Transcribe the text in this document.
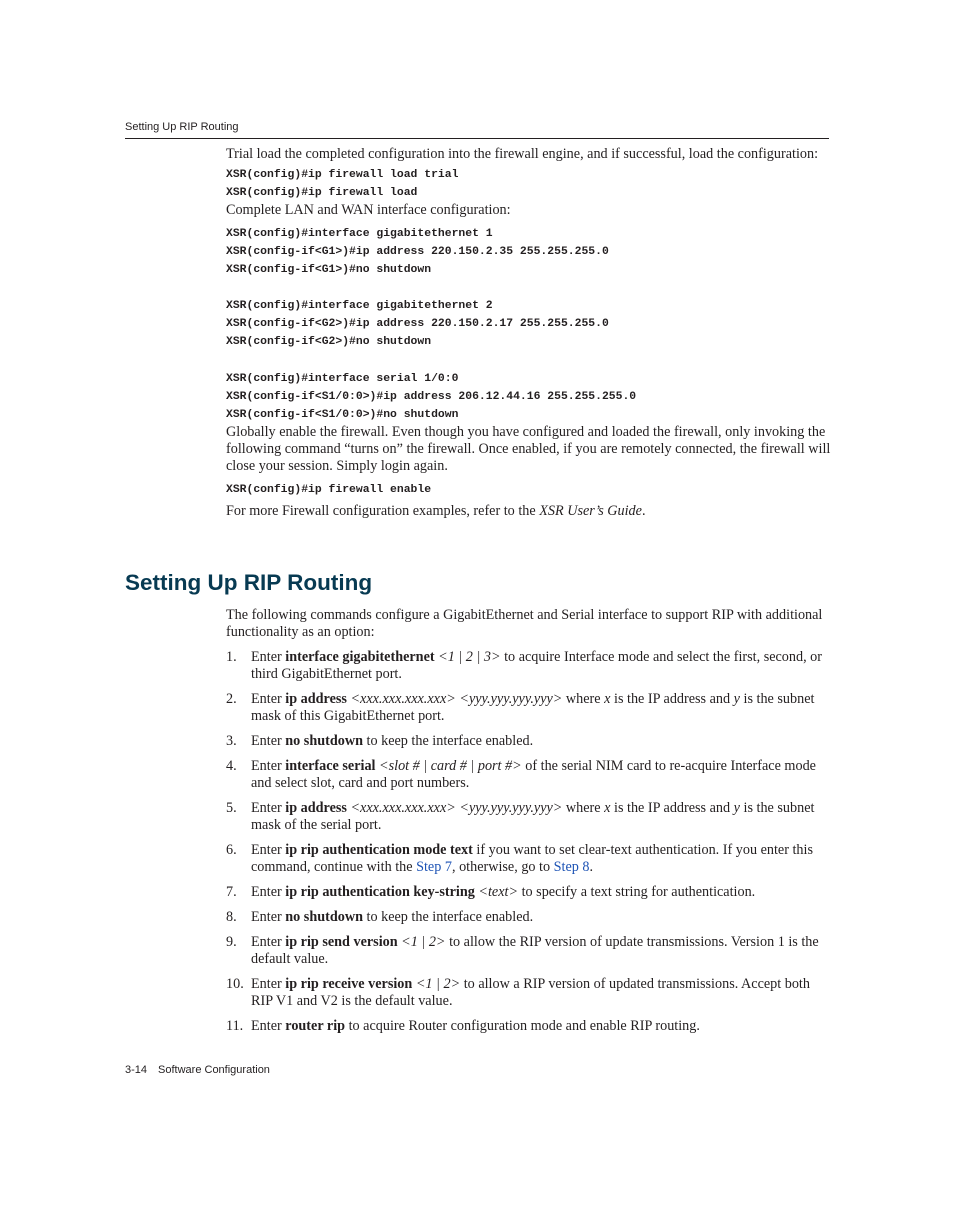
Setting Up RIP Routing

Trial load the completed configuration into the firewall engine, and if successful, load the configuration:

XSR(config)#ip firewall load trial

XSR(config)#ip firewall load

Complete LAN and WAN interface configuration:

XSR(config)#interface gigabitethernet 1

XSR(config-if<G1>)#ip address 220.150.2.35 255.255.255.0

XSR(config-if<G1>)#no shutdown

XSR(config)#interface gigabitethernet 2

XSR(config-if<G2>)#ip address 220.150.2.17 255.255.255.0

XSR(config-if<G2>)#no shutdown

XSR(config)#interface serial 1/0:0

XSR(config-if<S1/0:0>)#ip address 206.12.44.16 255.255.255.0

XSR(config-if<S1/0:0>)#no shutdown

Globally enable the firewall. Even though you have configured and loaded the firewall, only invoking the following command “turns on” the firewall. Once enabled, if you are remotely connected, the firewall will close your session. Simply login again.

XSR(config)#ip firewall enable

For more Firewall configuration examples, refer to the XSR User’s Guide.

Setting Up RIP Routing

The following commands configure a GigabitEthernet and Serial interface to support RIP with additional functionality as an option:

1. Enter interface gigabitethernet <1 | 2 | 3> to acquire Interface mode and select the first, second, or third GigabitEthernet port.
2. Enter ip address <xxx.xxx.xxx.xxx> <yyy.yyy.yyy.yyy> where x is the IP address and y is the subnet mask of this GigabitEthernet port.
3. Enter no shutdown to keep the interface enabled.
4. Enter interface serial <slot # | card # | port #> of the serial NIM card to re-acquire Interface mode and select slot, card and port numbers.
5. Enter ip address <xxx.xxx.xxx.xxx> <yyy.yyy.yyy.yyy> where x is the IP address and y is the subnet mask of the serial port.
6. Enter ip rip authentication mode text if you want to set clear-text authentication. If you enter this command, continue with the Step 7, otherwise, go to Step 8.
7. Enter ip rip authentication key-string <text> to specify a text string for authentication.
8. Enter no shutdown to keep the interface enabled.
9. Enter ip rip send version <1 | 2> to allow the RIP version of update transmissions. Version 1 is the default value.
10. Enter ip rip receive version <1 | 2> to allow a RIP version of updated transmissions. Accept both RIP V1 and V2 is the default value.
11. Enter router rip to acquire Router configuration mode and enable RIP routing.
3-14 Software Configuration
